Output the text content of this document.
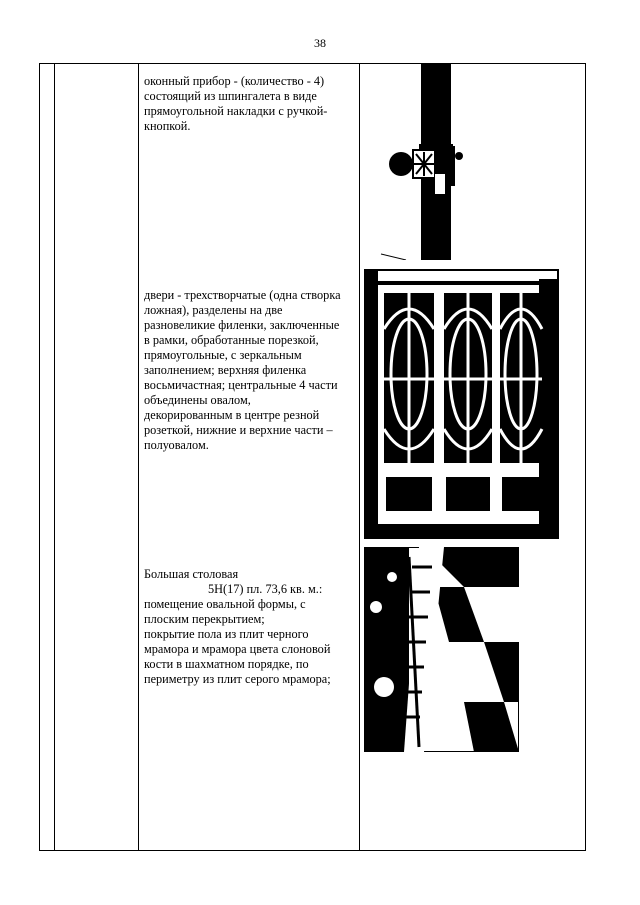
38

оконный прибор - (количество - 4)

состоящий из шпингалета в виде

прямоугольной накладки с ручкой-

кнопкой.

двери - трехстворчатые (одна створка

ложная), разделены на две

разновеликие филенки, заключенные

в рамки, обработанные порезкой,

прямоугольные, с зеркальным

заполнением; верхняя филенка

восьмичастная; центральные 4 части

объединены овалом,

декорированным в центре резной

розеткой, нижние и верхние части –

полуовалом.

Большая столовая

5Н(17) пл. 73,6 кв. м.:

помещение овальной формы, с

плоским перекрытием;

покрытие пола из плит черного

мрамора и мрамора цвета слоновой

кости в шахматном порядке, по

периметру из плит серого мрамора;
